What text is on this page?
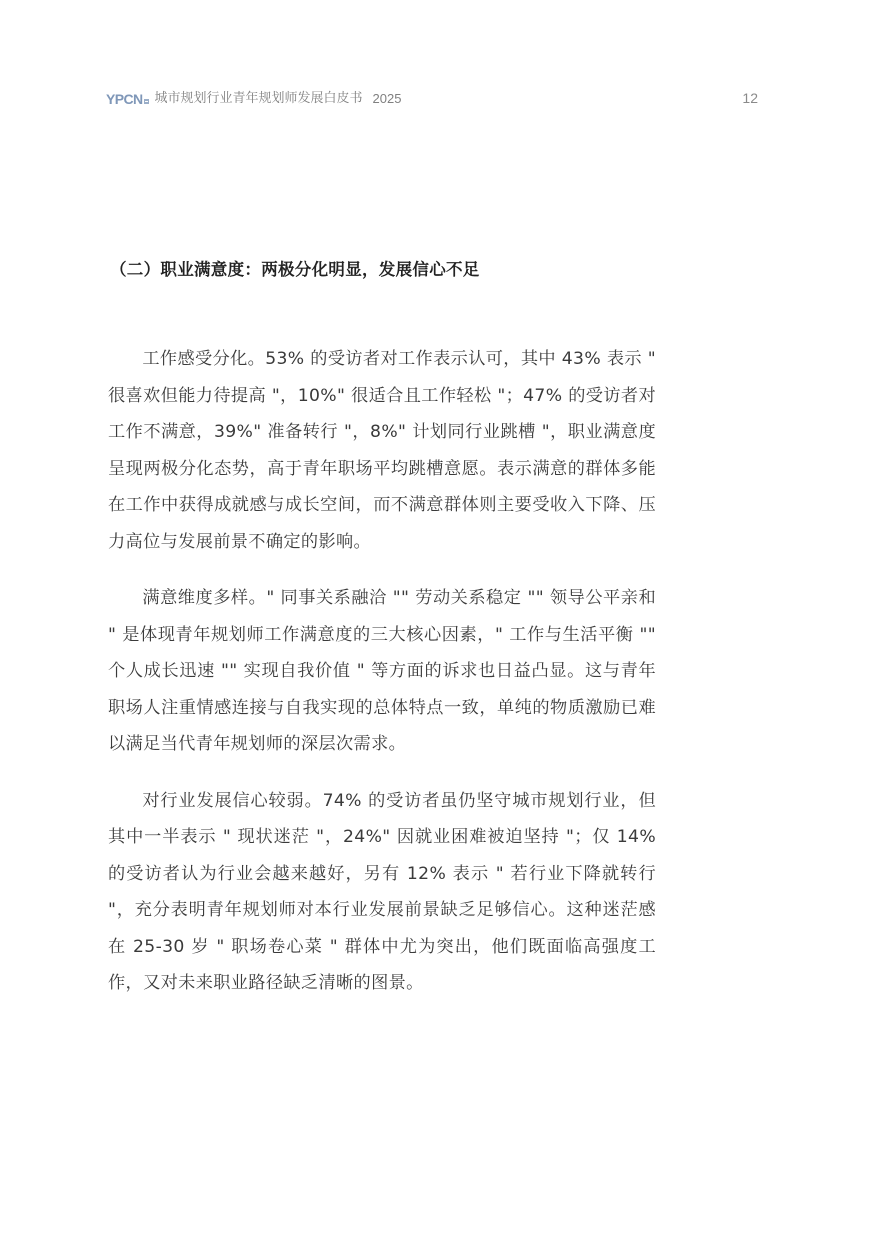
YPCN 城市规划行业青年规划师发展白皮书 2025	12
（二）职业满意度：两极分化明显，发展信心不足

工作感受分化。53% 的受访者对工作表示认可，其中 43% 表示 " 很喜欢但能力待提高 "，10%" 很适合且工作轻松 "；47% 的受访者对工作不满意，39%" 准备转行 "，8%" 计划同行业跳槽 "，职业满意度呈现两极分化态势，高于青年职场平均跳槽意愿。表示满意的群体多能在工作中获得成就感与成长空间，而不满意群体则主要受收入下降、压力高位与发展前景不确定的影响。

满意维度多样。" 同事关系融洽 "" 劳动关系稳定 "" 领导公平亲和 " 是体现青年规划师工作满意度的三大核心因素，" 工作与生活平衡 "" 个人成长迅速 "" 实现自我价值 " 等方面的诉求也日益凸显。这与青年职场人注重情感连接与自我实现的总体特点一致，单纯的物质激励已难以满足当代青年规划师的深层次需求。

对行业发展信心较弱。74% 的受访者虽仍坚守城市规划行业，但其中一半表示 " 现状迷茫 "，24%" 因就业困难被迫坚持 "；仅 14% 的受访者认为行业会越来越好，另有 12% 表示 " 若行业下降就转行 "，充分表明青年规划师对本行业发展前景缺乏足够信心。这种迷茫感在 25-30 岁 " 职场卷心菜 " 群体中尤为突出，他们既面临高强度工作，又对未来职业路径缺乏清晰的图景。
